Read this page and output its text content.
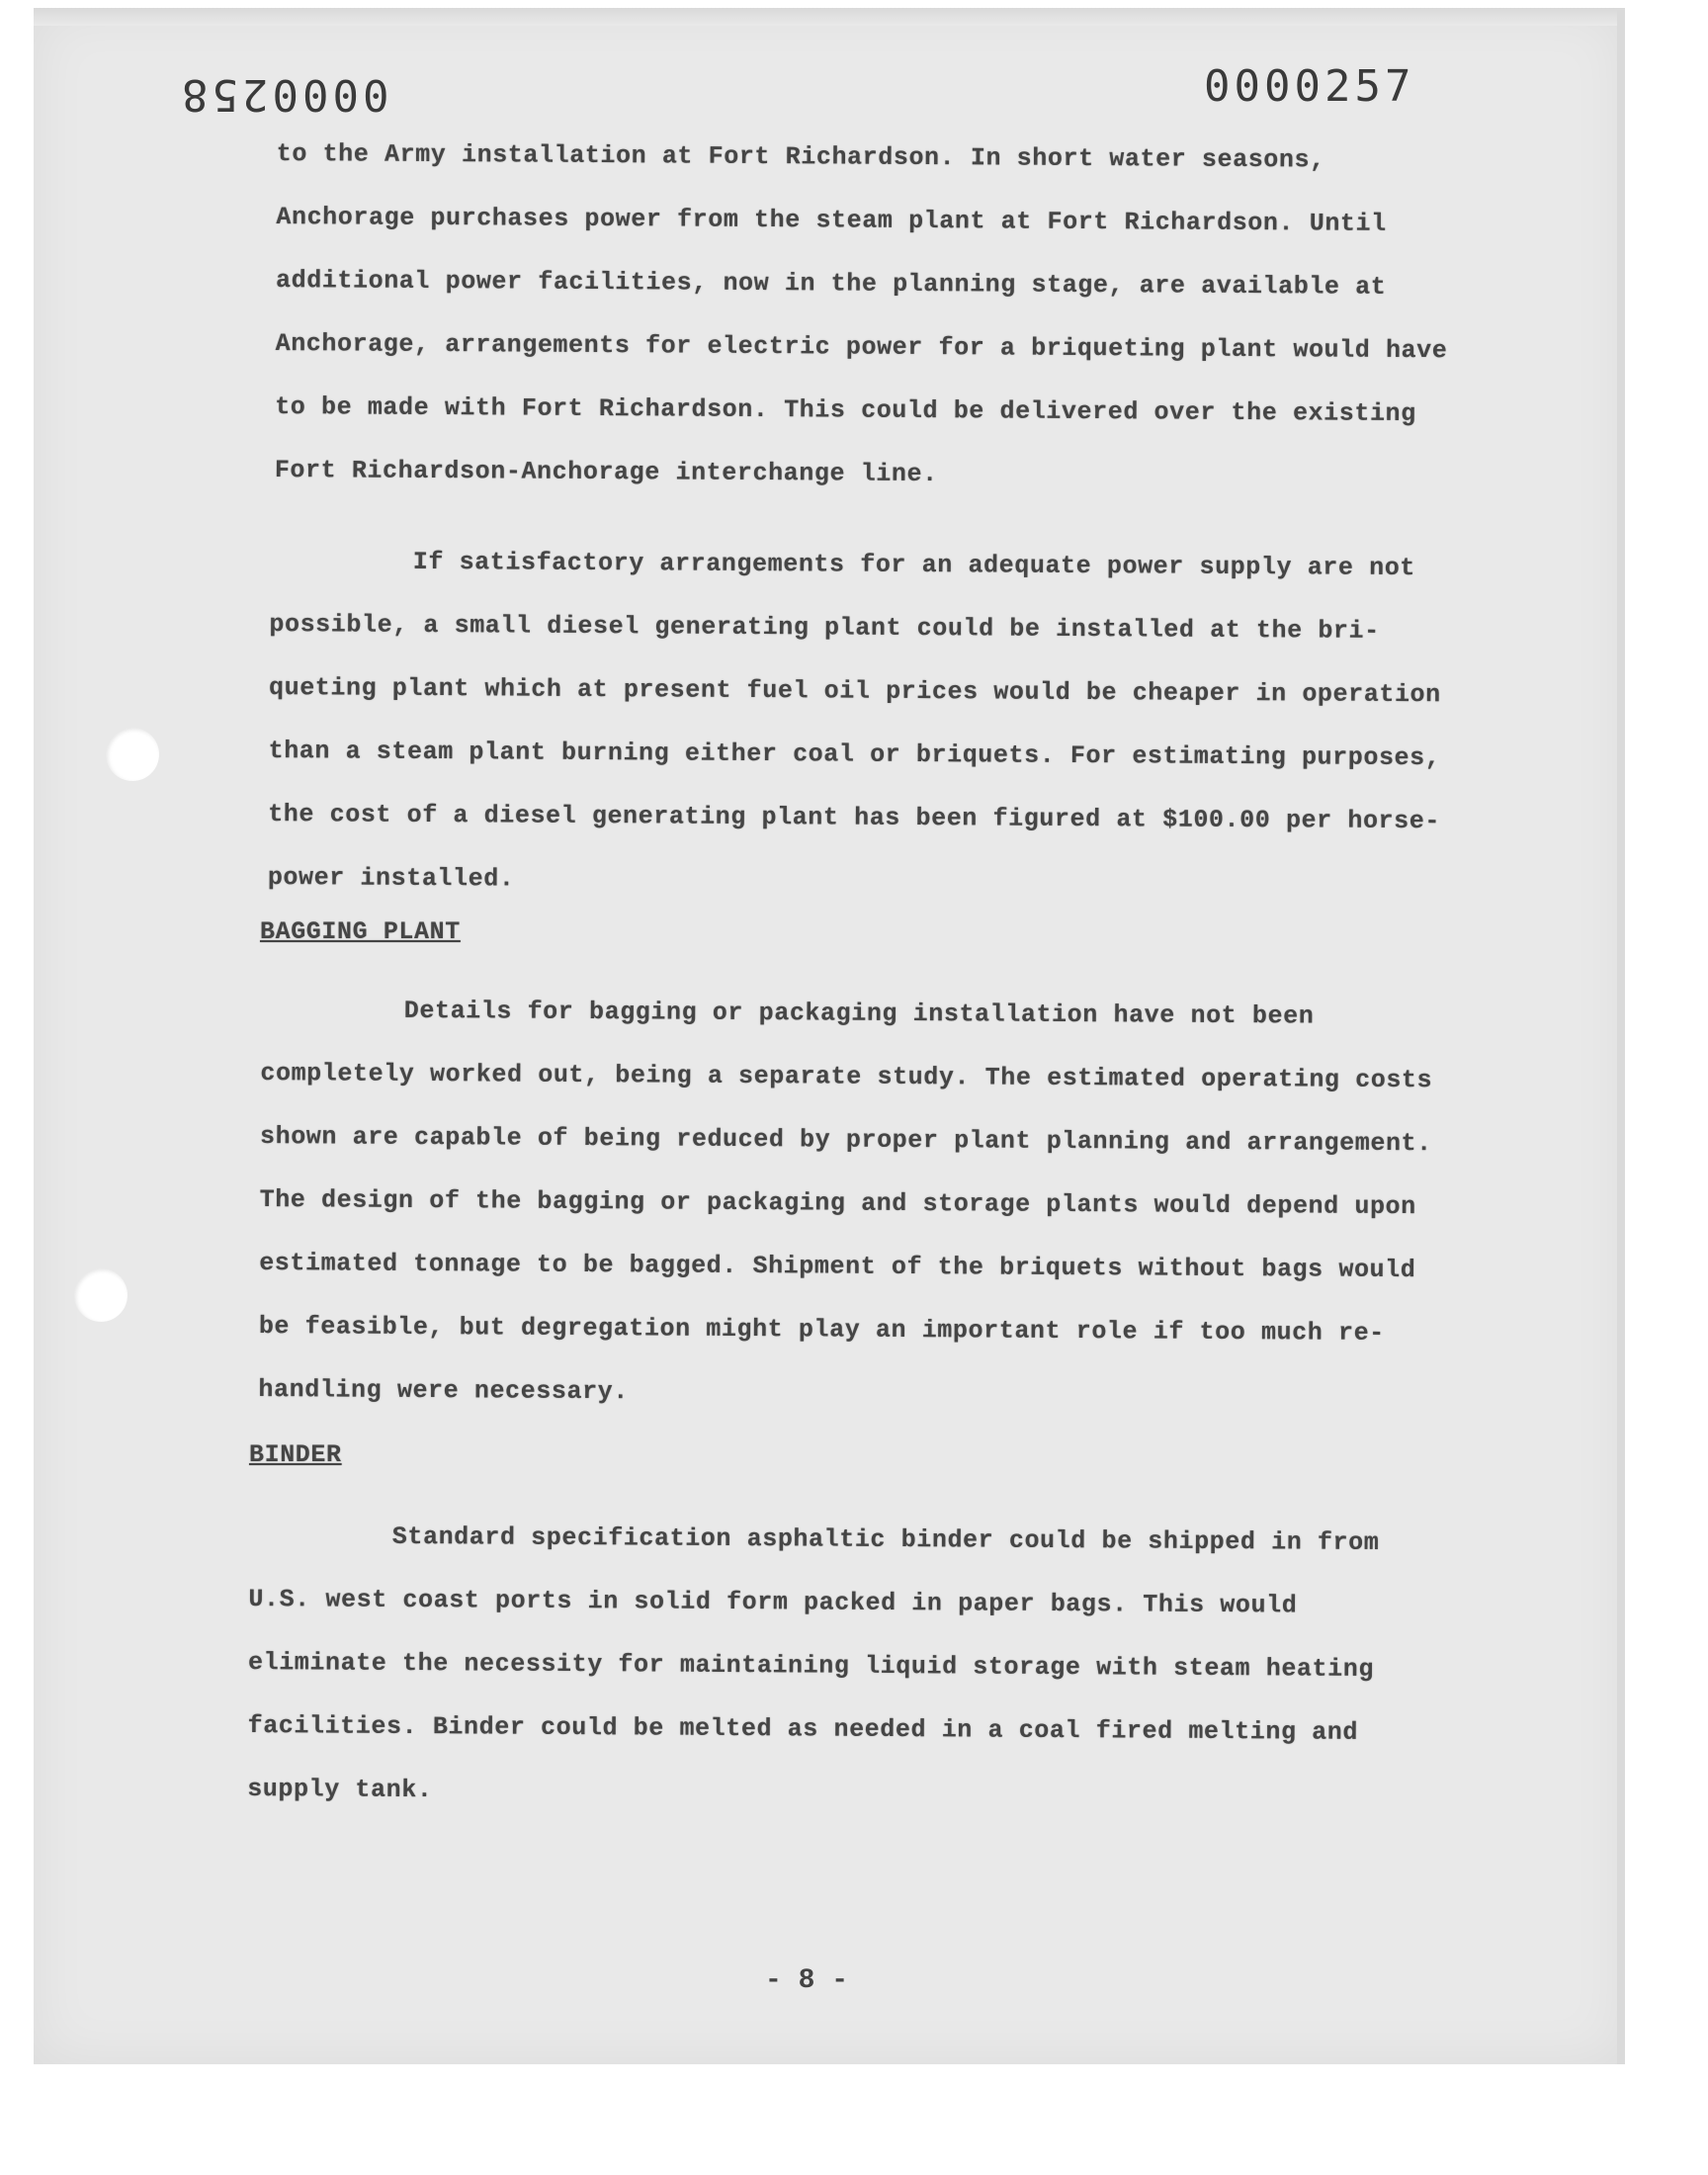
0000258	0000257
to the Army installation at Fort Richardson. In short water seasons,
Anchorage purchases power from the steam plant at Fort Richardson. Until
additional power facilities, now in the planning stage, are available at
Anchorage, arrangements for electric power for a briqueting plant would have
to be made with Fort Richardson. This could be delivered over the existing
Fort Richardson-Anchorage interchange line.
If satisfactory arrangements for an adequate power supply are not
possible, a small diesel generating plant could be installed at the bri-
queting plant which at present fuel oil prices would be cheaper in operation
than a steam plant burning either coal or briquets. For estimating purposes,
the cost of a diesel generating plant has been figured at $100.00 per horse-
power installed.
BAGGING PLANT
Details for bagging or packaging installation have not been
completely worked out, being a separate study. The estimated operating costs
shown are capable of being reduced by proper plant planning and arrangement.
The design of the bagging or packaging and storage plants would depend upon
estimated tonnage to be bagged. Shipment of the briquets without bags would
be feasible, but degregation might play an important role if too much re-
handling were necessary.
BINDER
Standard specification asphaltic binder could be shipped in from
U.S. west coast ports in solid form packed in paper bags. This would
eliminate the necessity for maintaining liquid storage with steam heating
facilities. Binder could be melted as needed in a coal fired melting and
supply tank.
- 8 -
